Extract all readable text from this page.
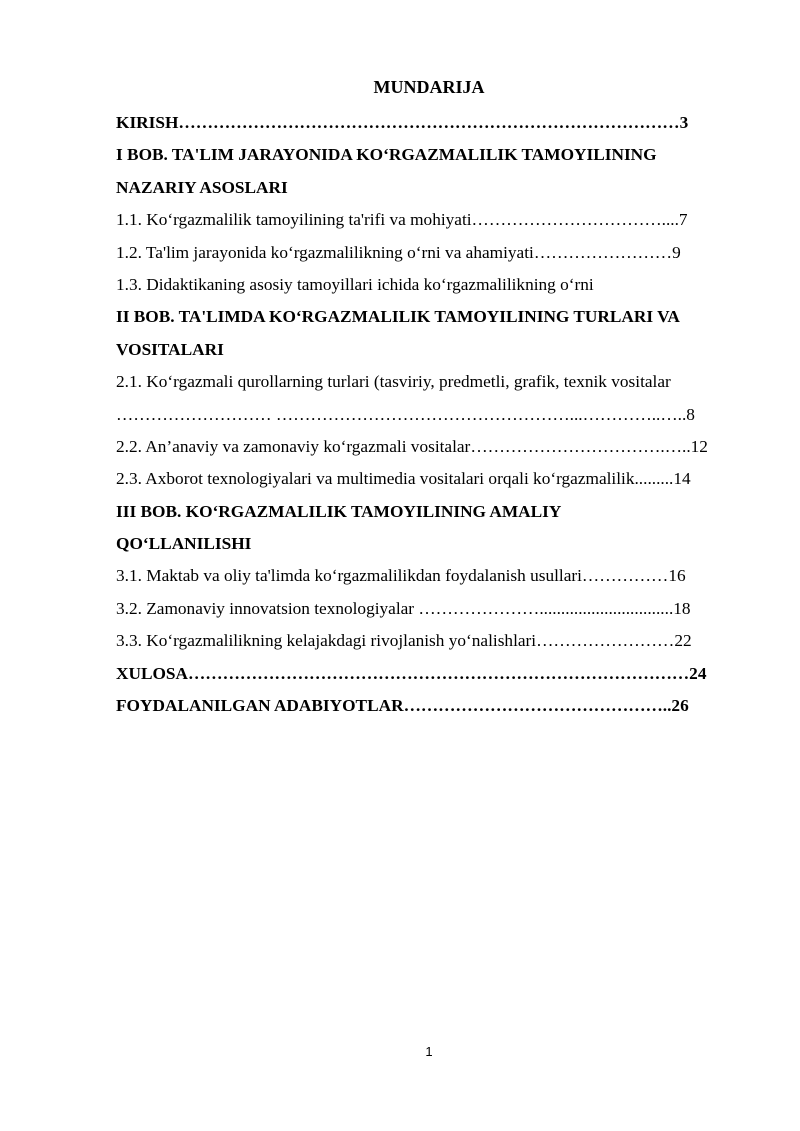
MUNDARIJA
KIRISH……………………………………………………………………………3
I BOB. TA'LIM JARAYONIDA KO‘RGAZMALILIK TAMOYILINING
NAZARIY ASOSLARI
1.1. Ko‘rgazmalilik tamoyilining ta'rifi va mohiyati……………………………....7
1.2. Ta'lim jarayonida ko‘rgazmalilikning o‘rni va ahamiyati……………………9
1.3. Didaktikaning asosiy tamoyillari ichida ko‘rgazmalilikning o‘rni
II BOB. TA'LIMDA KO‘RGAZMALILIK TAMOYILINING TURLARI VA
VOSITALARI
2.1. Ko‘rgazmali qurollarning turlari (tasviriy, predmetli, grafik, texnik vositalar
……………………… ……………………………………………...…………..…..8
2.2. An’anaviy va zamonaviy ko‘rgazmali vositalar…………………………….…..12
2.3. Axborot texnologiyalari va multimedia vositalari orqali ko‘rgazmalilik.........14
III BOB. KO‘RGAZMALILIK TAMOYILINING AMALIY
QO‘LLANILISHI
3.1. Maktab va oliy ta'limda ko‘rgazmalilikdan foydalanish usullari……………16
3.2. Zamonaviy innovatsion texnologiyalar …………………...............................18
3.3. Ko‘rgazmalilikning kelajakdagi rivojlanish yo‘nalishlari……………………22
XULOSA……………………………………………………………………………24
FOYDALANILGAN ADABIYOTLAR………………………………………..26
1
